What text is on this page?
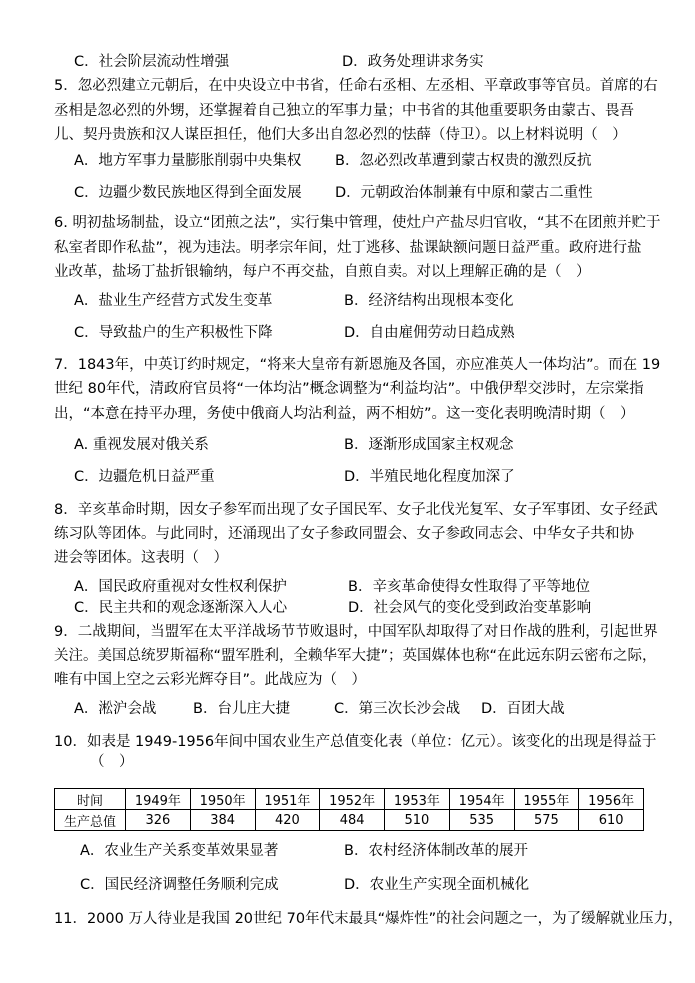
C．社会阶层流动性增强	D．政务处理讲求务实
5．忽必烈建立元朝后，在中央设立中书省，任命右丞相、左丞相、平章政事等官员。首席的右
丞相是忽必烈的外甥，还掌握着自己独立的军事力量；中书省的其他重要职务由蒙古、畏吾
儿、契丹贵族和汉人谋臣担任，他们大多出自忽必烈的怯薛（侍卫）。以上材料说明（　）
A．地方军事力量膨胀削弱中央集权 B．忽必烈改革遭到蒙古权贵的激烈反抗
C．边疆少数民族地区得到全面发展 D．元朝政治体制兼有中原和蒙古二重性
6. 明初盐场制盐，设立“团煎之法”，实行集中管理，使灶户产盐尽归官收，“其不在团煎并贮于
私室者即作私盐”，视为违法。明孝宗年间，灶丁逃移、盐课缺额问题日益严重。政府进行盐
业改革，盐场丁盐折银输纳，每户不再交盐，自煎自卖。对以上理解正确的是（　）
A．盐业生产经营方式发生变革	B．经济结构出现根本变化
C．导致盐户的生产积极性下降	D．自由雇佣劳动日趋成熟
7．1843年，中英订约时规定，“将来大皇帝有新恩施及各国，亦应准英人一体均沾”。而在 19
世纪 80年代，清政府官员将“一体均沾”概念调整为“利益均沾”。中俄伊犁交涉时，左宗棠指
出，“本意在持平办理，务使中俄商人均沾利益，两不相妨”。这一变化表明晚清时期（　）
A. 重视发展对俄关系	B．逐渐形成国家主权观念
C．边疆危机日益严重	D．半殖民地化程度加深了
8．辛亥革命时期，因女子参军而出现了女子国民军、女子北伐光复军、女子军事团、女子经武
练习队等团体。与此同时，还涌现出了女子参政同盟会、女子参政同志会、中华女子共和协
进会等团体。这表明（　）
A．国民政府重视对女性权利保护	B．辛亥革命使得女性取得了平等地位
C．民主共和的观念逐渐深入人心	D．社会风气的变化受到政治变革影响
9．二战期间，当盟军在太平洋战场节节败退时，中国军队却取得了对日作战的胜利，引起世界
关注。美国总统罗斯福称“盟军胜利，全赖华军大捷”；英国媒体也称“在此远东阴云密布之际，
唯有中国上空之云彩光辉夺目”。此战应为（　）
A．淞沪会战	B．台儿庄大捷	C．第三次长沙会战 D．百团大战
10．如表是 1949-1956年间中国农业生产总值变化表（单位：亿元）。该变化的出现是得益于
（　）
时间	1949年	1950年	1951年	1952年	1953年	1954年	1955年	1956年
生产总值	326	384	420	484	510	535	575	610
A．农业生产关系变革效果显著	B．农村经济体制改革的展开
C．国民经济调整任务顺利完成	D．农业生产实现全面机械化
11．2000 万人待业是我国 20世纪 70年代末最具“爆炸性”的社会问题之一，为了缓解就业压力，
